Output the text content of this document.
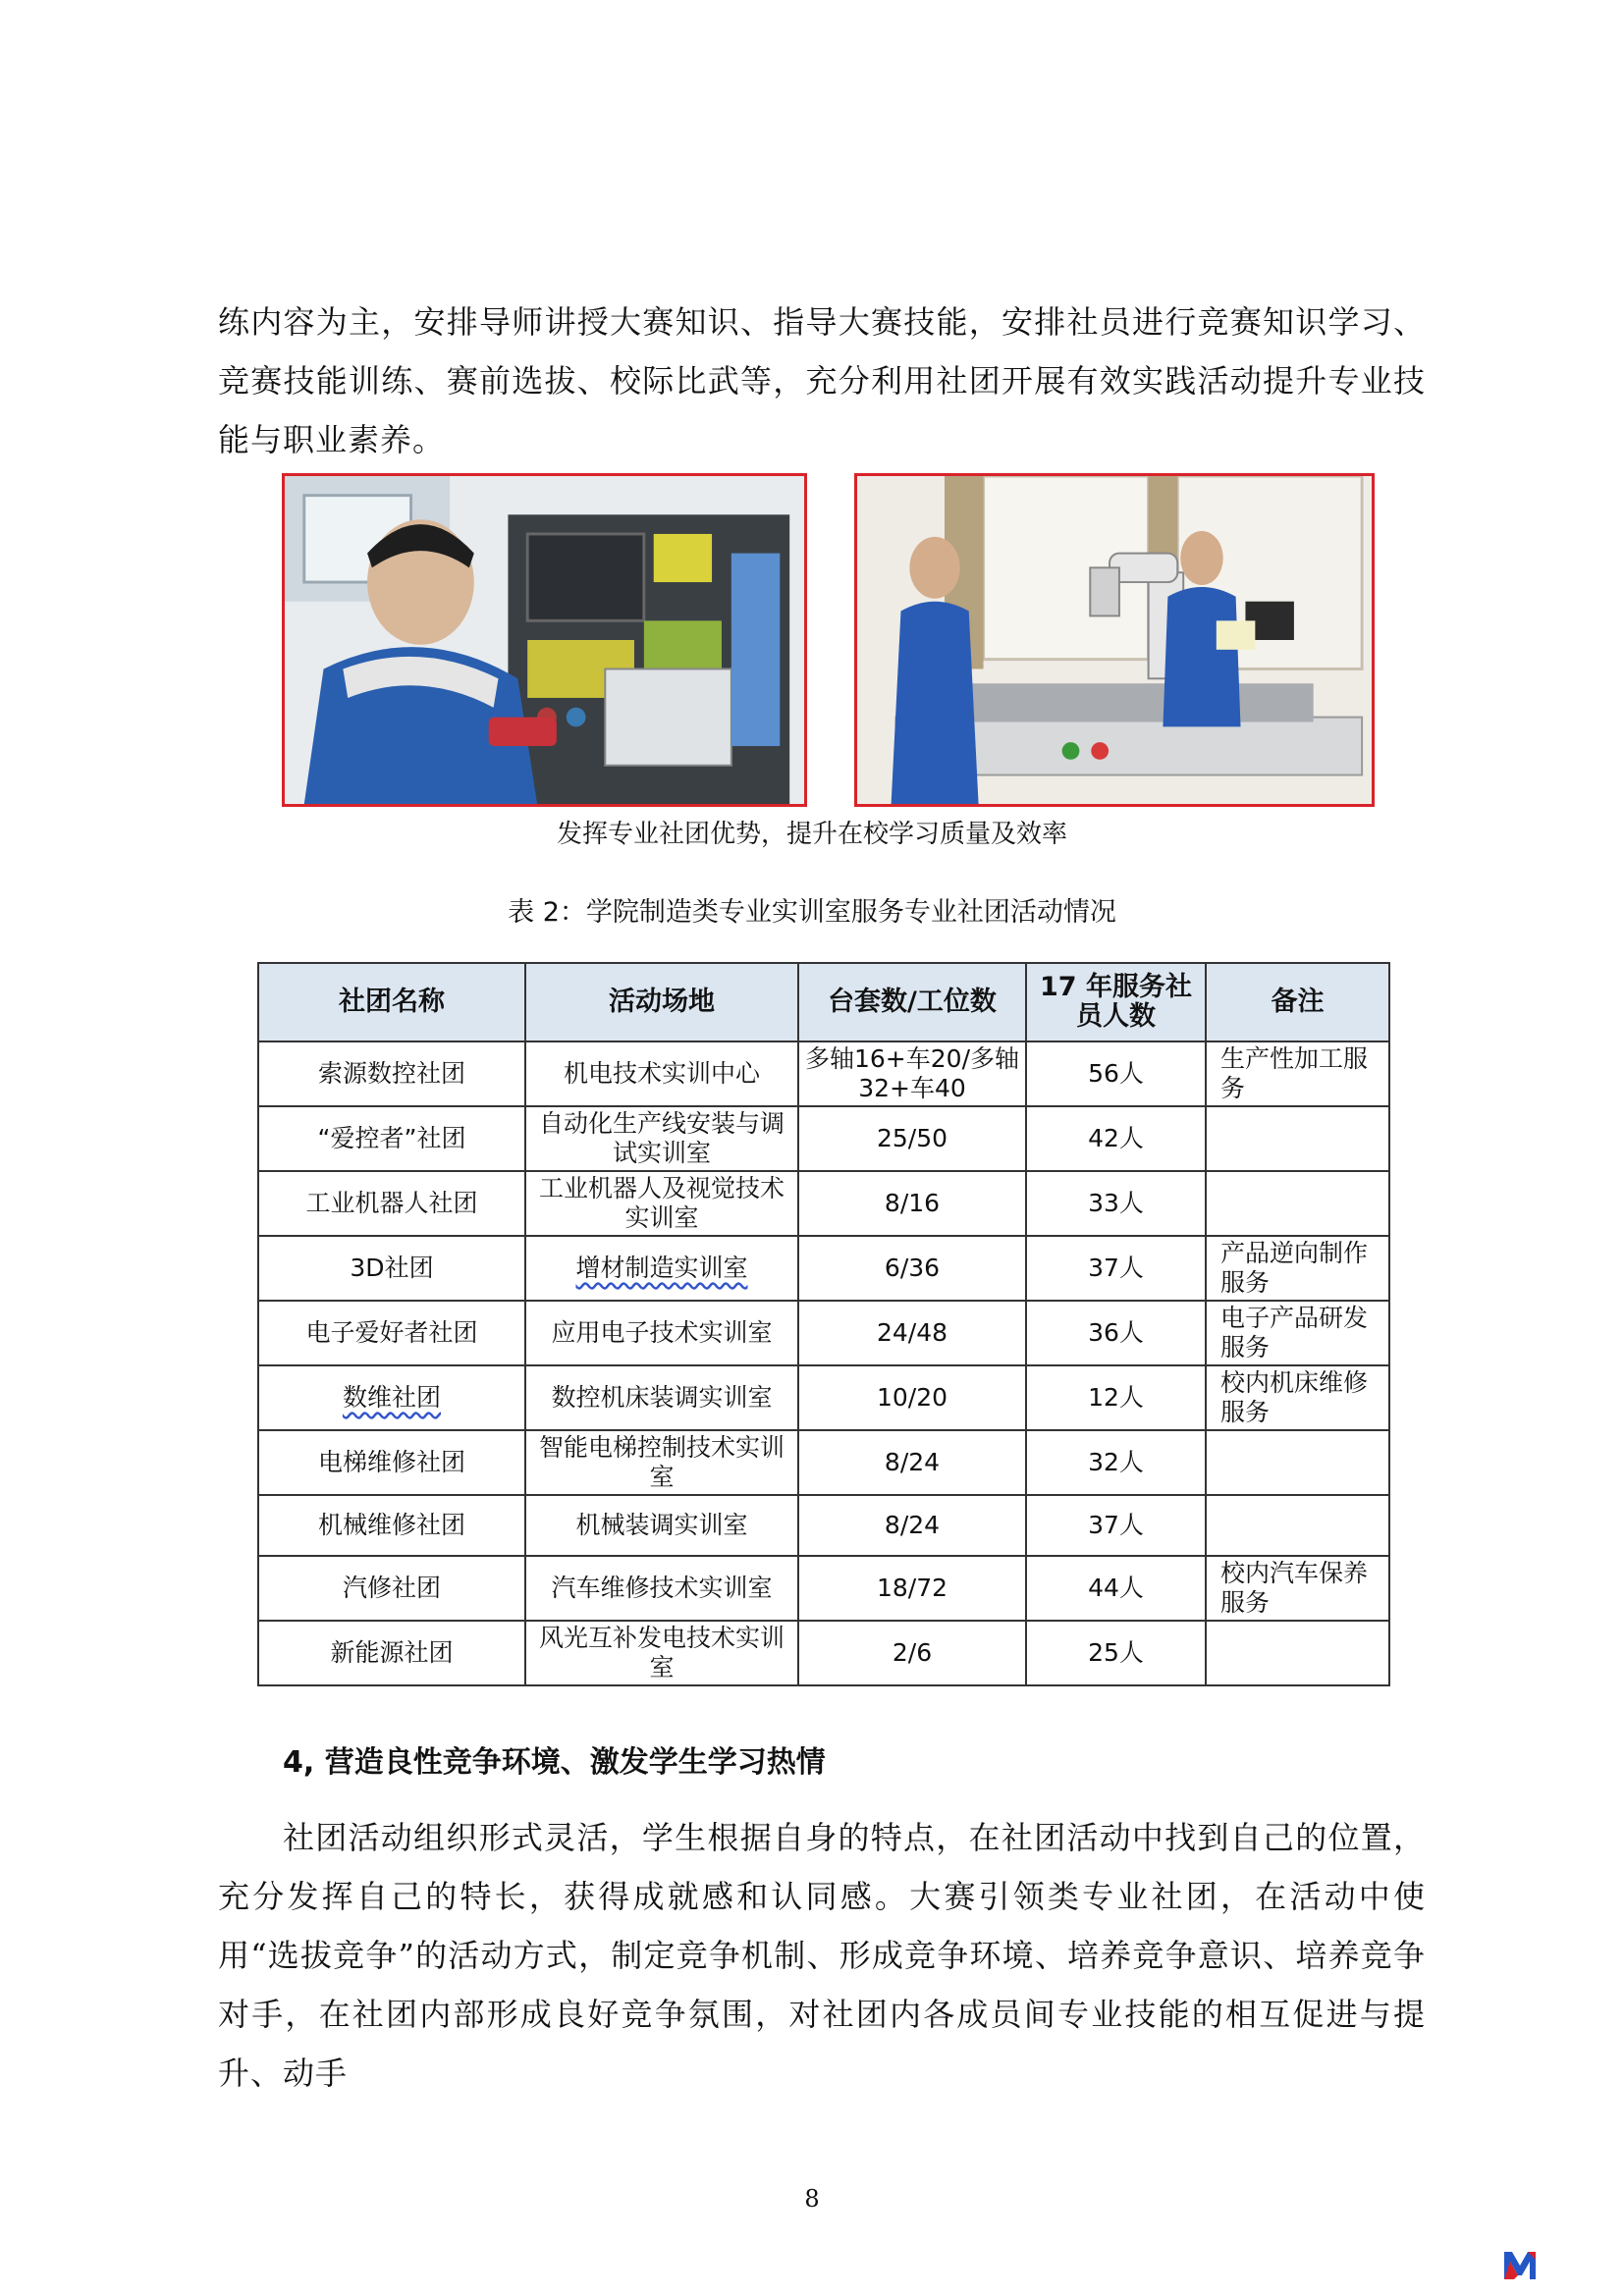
练内容为主，安排导师讲授大赛知识、指导大赛技能，安排社员进行竞赛知识学习、竞赛技能训练、赛前选拔、校际比武等，充分利用社团开展有效实践活动提升专业技能与职业素养。

发挥专业社团优势，提升在校学习质量及效率
表 2：学院制造类专业实训室服务专业社团活动情况
社团名称	活动场地	台套数/工位数	17 年服务社员人数	备注
索源数控社团	机电技术实训中心	多轴16+车20/多轴32+车40	56人	生产性加工服务
“爱控者”社团	自动化生产线安装与调试实训室	25/50	42人	
工业机器人社团	工业机器人及视觉技术实训室	8/16	33人	
3D社团	增材制造实训室	6/36	37人	产品逆向制作服务
电子爱好者社团	应用电子技术实训室	24/48	36人	电子产品研发服务
数维社团	数控机床装调实训室	10/20	12人	校内机床维修服务
电梯维修社团	智能电梯控制技术实训室	8/24	32人	
机械维修社团	机械装调实训室	8/24	37人	
汽修社团	汽车维修技术实训室	18/72	44人	校内汽车保养服务
新能源社团	风光互补发电技术实训室	2/6	25人	
4, 营造良性竞争环境、激发学生学习热情

社团活动组织形式灵活，学生根据自身的特点，在社团活动中找到自己的位置，充分发挥自己的特长，获得成就感和认同感。大赛引领类专业社团，在活动中使用“选拔竞争”的活动方式，制定竞争机制、形成竞争环境、培养竞争意识、培养竞争对手，在社团内部形成良好竞争氛围，对社团内各成员间专业技能的相互促进与提升、动手

8
